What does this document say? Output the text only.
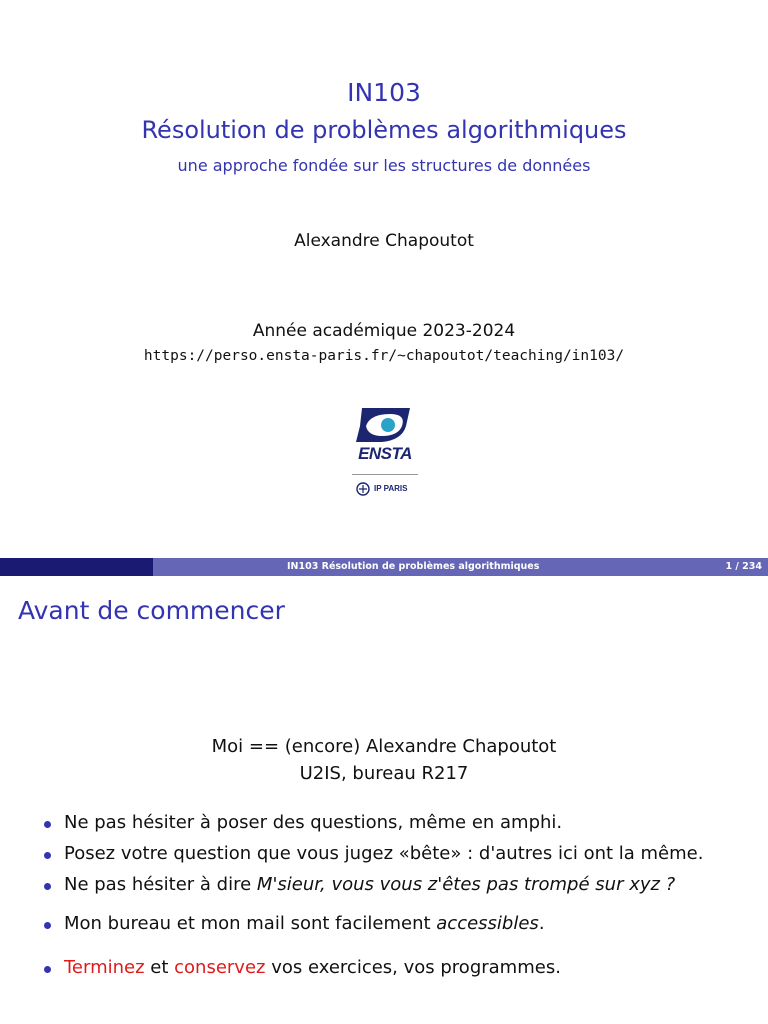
IN103
Résolution de problèmes algorithmiques
une approche fondée sur les structures de données
Alexandre Chapoutot
Année académique 2023-2024
https://perso.ensta-paris.fr/~chapoutot/teaching/in103/
ENSTA
IP PARIS
IN103 Résolution de problèmes algorithmiques	1 / 234
Avant de commencer
Moi == (encore) Alexandre Chapoutot
U2IS, bureau R217
Ne pas hésiter à poser des questions, même en amphi.
Posez votre question que vous jugez «bête» : d'autres ici ont la même.
Ne pas hésiter à dire M'sieur, vous vous z'êtes pas trompé sur xyz ?
Mon bureau et mon mail sont facilement accessibles.
Terminez et conservez vos exercices, vos programmes.
